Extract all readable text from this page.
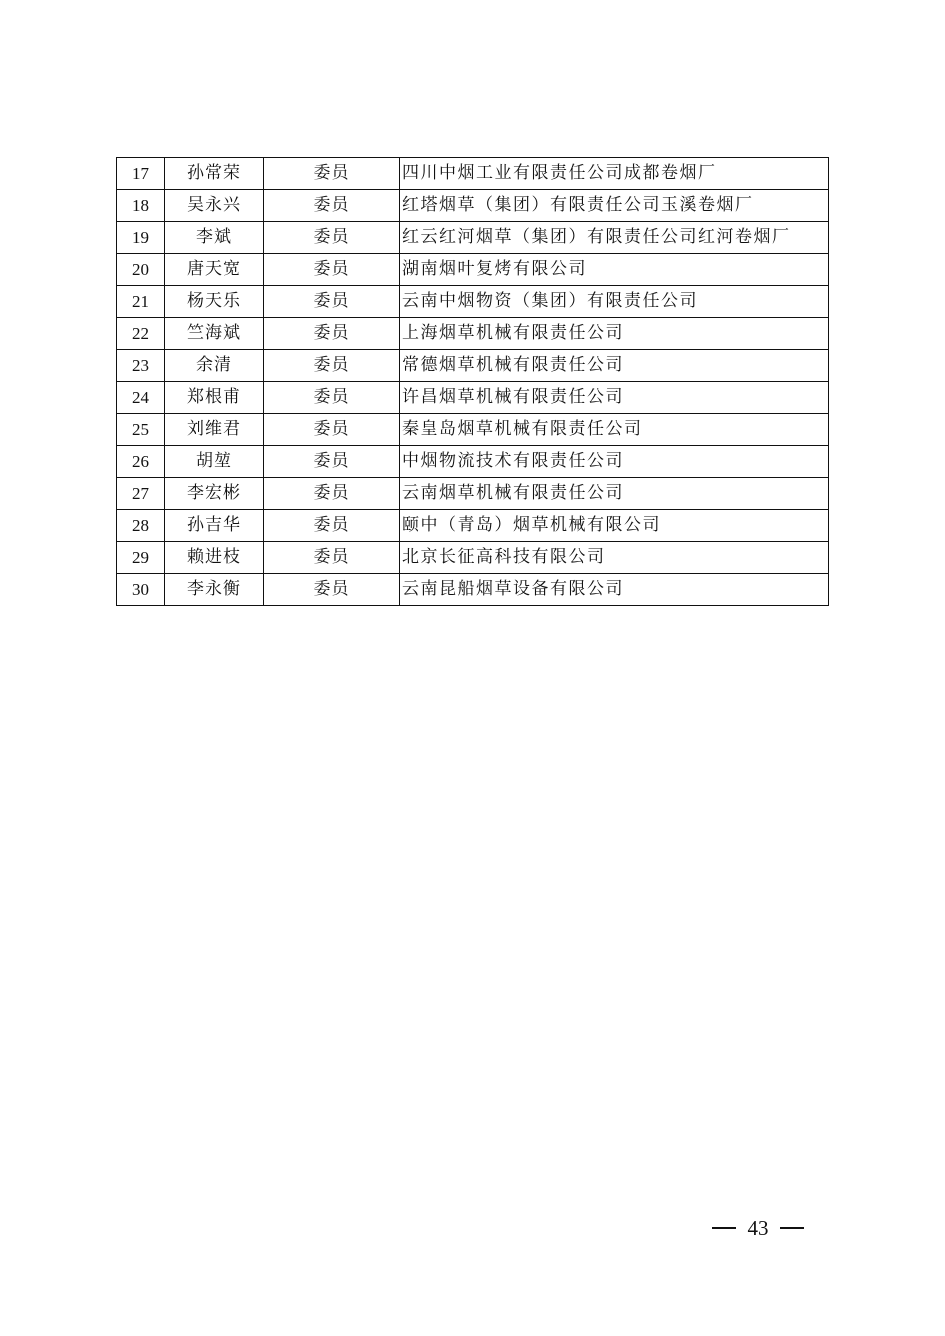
17	孙常荣	委员	四川中烟工业有限责任公司成都卷烟厂
18	吴永兴	委员	红塔烟草（集团）有限责任公司玉溪卷烟厂
19	李斌	委员	红云红河烟草（集团）有限责任公司红河卷烟厂
20	唐天宽	委员	湖南烟叶复烤有限公司
21	杨天乐	委员	云南中烟物资（集团）有限责任公司
22	竺海斌	委员	上海烟草机械有限责任公司
23	余清	委员	常德烟草机械有限责任公司
24	郑根甫	委员	许昌烟草机械有限责任公司
25	刘维君	委员	秦皇岛烟草机械有限责任公司
26	胡堃	委员	中烟物流技术有限责任公司
27	李宏彬	委员	云南烟草机械有限责任公司
28	孙吉华	委员	颐中（青岛）烟草机械有限公司
29	赖进枝	委员	北京长征高科技有限公司
30	李永衡	委员	云南昆船烟草设备有限公司
43
